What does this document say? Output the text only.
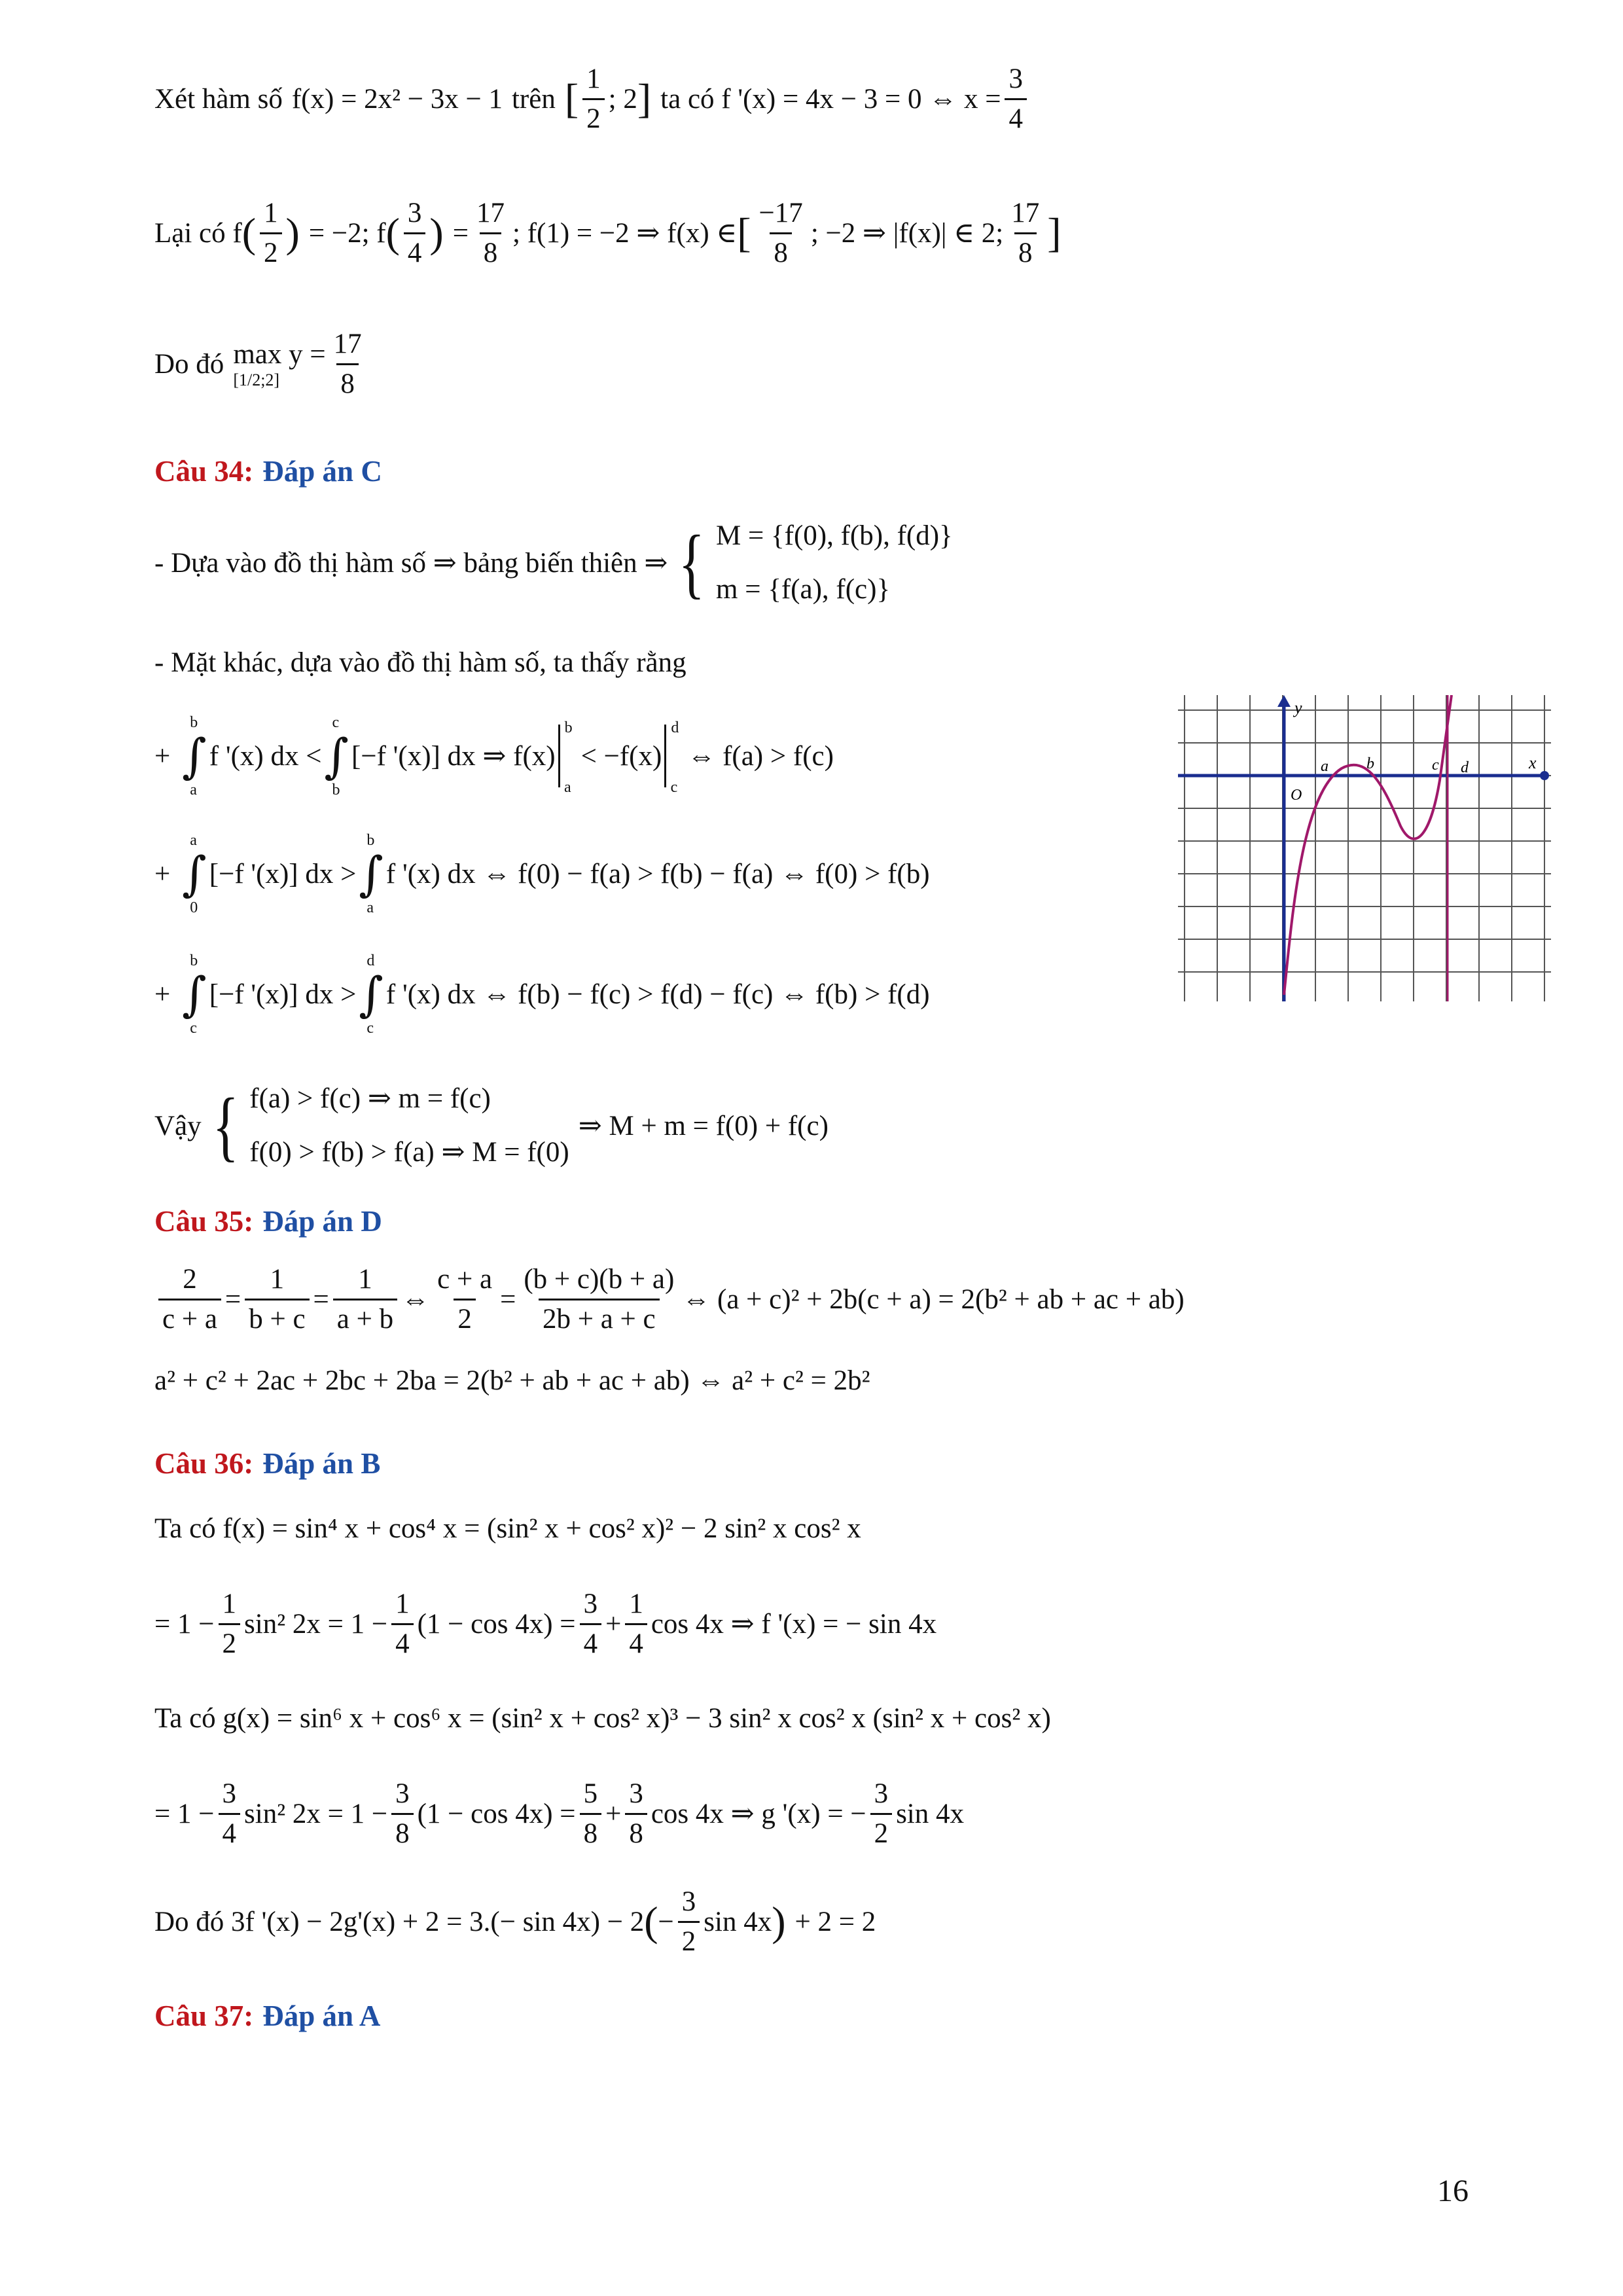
Xét hàm số f(x) = 2x² − 3x − 1 trên [ $\frac{1}{2}$ ; 2 ] ta có f '(x) = 4x − 3 = 0 ⇔ $x = \frac{3}{4}$
Lại có f ( $\frac{1}{2}$ ) = −2; f ( $\frac{3}{4}$ ) = $\frac{17}{8}$ ; f(1) = −2 ⇒ f(x) ∈ [ $\frac{-17}{8}$ ; −2 ⇒ |f(x)| ∈ 2; $\frac{17}{8}$ ]
Do đó max y =
[1/2;2] $\frac{17}{8}$
Câu 34: Đáp án C
- Dựa vào đồ thị hàm số ⇒ bảng biến thiên ⇒ { M = {f(0), f(b), f(d)}
m = {f(a), f(c)}
- Mặt khác, dựa vào đồ thị hàm số, ta thấy rằng
+
b
∫
a
f '(x) dx <
c
∫
b
[−f '(x)] dx ⇒ f(x)
b
a
< −f(x)
d
c
⇔ f(a) > f(c)
+
a
∫
0
[−f '(x)] dx >
b
∫
a
f '(x) dx ⇔ f(0) − f(a) > f(b) − f(a) ⇔ f(0) > f(b)
+
b
∫
c
[−f '(x)] dx >
d
∫
c
f '(x) dx ⇔ f(b) − f(c) > f(d) − f(c) ⇔ f(b) > f(d)
Vậy { f(a) > f(c) ⇒ m = f(c)
f(0) > f(b) > f(a) ⇒ M = f(0)
⇒ M + m = f(0) + f(c)
y
x
O
a b	c d
Câu 35: Đáp án D
$\frac{2}{c + a} = \frac{1}{b + c} = \frac{1}{a + b}$ ⇔ $\frac{c + a}{2} = \frac{(b + c)(b + a)}{2b + a + c}$ ⇔ (a + c)² + 2b(c + a) = 2(b² + ab + ac + ab)
a² + c² + 2ac + 2bc + 2ba = 2(b² + ab + ac + ab) ⇔ a² + c² = 2b²
Câu 36: Đáp án B
Ta có f(x) = sin⁴ x + cos⁴ x = (sin² x + cos² x)² − 2 sin² x cos² x
= $1 - \frac{1}{2} \sin^2$ $2x = 1 - \frac{1}{4} (1 - \cos 4x) = \frac{3}{4} + \frac{1}{4}$ cos 4x ⇒ f '(x) = − sin 4x
Ta có g(x) = sin⁶ x + cos⁶ x = (sin² x + cos² x)³ − 3 sin² x cos² x (sin² x + cos² x)
= $1 - \frac{3}{4} \sin^2$ $2x = 1 - \frac{3}{8} (1 - \cos 4x) = \frac{5}{8} + \frac{3}{8}$ cos 4x ⇒ g '(x) = − $\frac{3}{2}$ sin 4x
Do đó 3f '(x) − 2g'(x) + 2 = 3.(− sin 4x) − 2 ( − $\frac{3}{2}$ sin 4x ) + 2 = 2
Câu 37: Đáp án A
16
